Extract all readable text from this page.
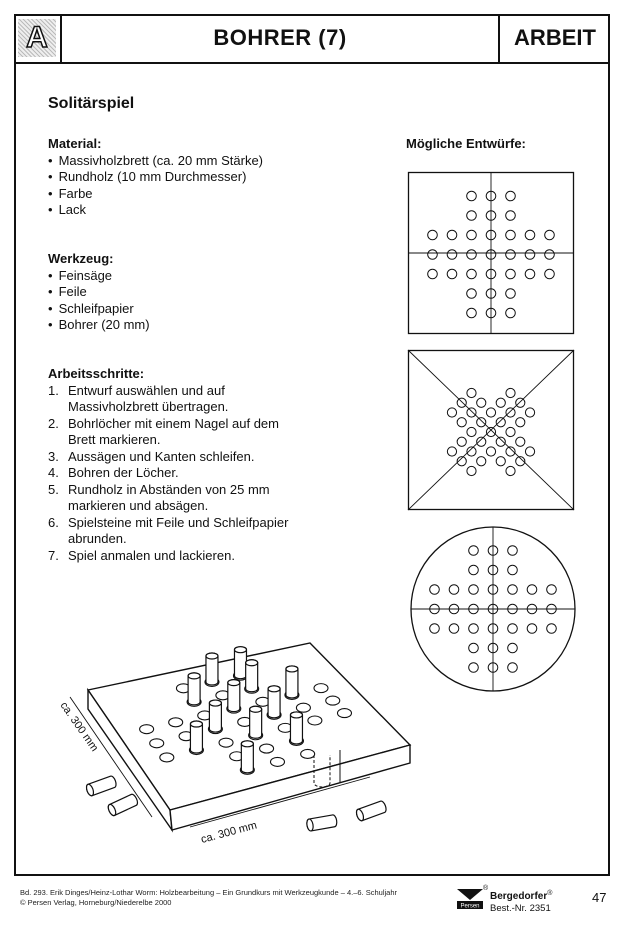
A	BOHRER (7)	ARBEIT
Solitärspiel
Material:
• Massivholzbrett (ca. 20 mm Stärke)
• Rundholz (10 mm Durchmesser)
• Farbe
• Lack
Werkzeug:
• Feinsäge
• Feile
• Schleifpapier
• Bohrer (20 mm)
Arbeitsschritte:
1. Entwurf auswählen und auf
Massivholzbrett übertragen.
2. Bohrlöcher mit einem Nagel auf dem
Brett markieren.
3. Aussägen und Kanten schleifen.
4. Bohren der Löcher.
5. Rundholz in Abständen von 25 mm
markieren und absägen.
6. Spielsteine mit Feile und Schleifpapier
abrunden.
7. Spiel anmalen und lackieren.
Mögliche Entwürfe:
ca. 300 mm
ca. 300 mm
Bd. 293. Erik Dinges/Heinz-Lothar Worm: Holzbearbeitung – Ein Grundkurs mit Werkzeugkunde – 4.–6. Schuljahr
© Persen Verlag, Horneburg/Niederelbe 2000	Persen
Bergedorfer®
Best.-Nr. 2351
®
47
